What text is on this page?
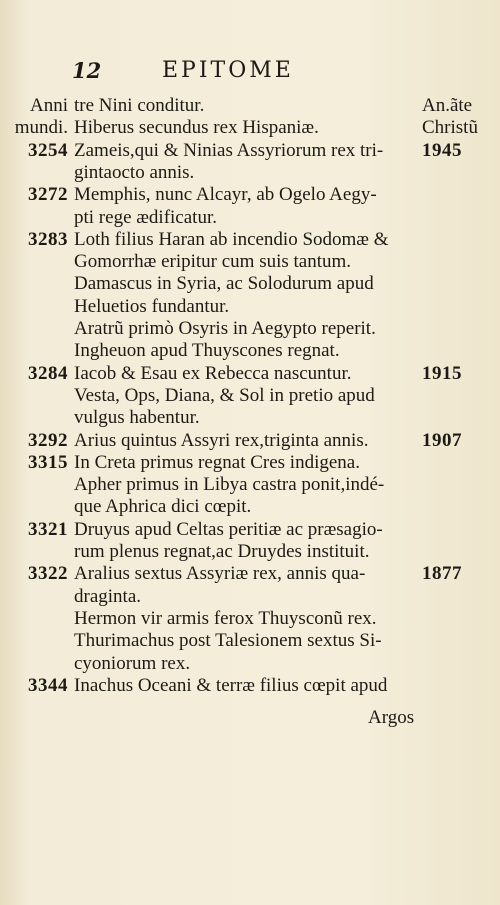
12	EPITOME
Anni tre Nini conditur.	An.ãte
mundi. Hiberus secundus rex Hispaniæ.	Christũ
3254 Zameis,qui & Ninias Assyriorum rex tri‑ 1945
gintaocto annis.
3272 Memphis, nunc Alcayr, ab Ogelo Aegy‑
pti rege ædificatur.
3283 Loth filius Haran ab incendio Sodomæ &
Gomorrhæ eripitur cum suis tantum.
Damascus in Syria, ac Solodurum apud
Heluetios fundantur.
Aratrũ primò Osyris in Aegypto reperit.
Ingheuon apud Thuyscones regnat.
3284 Iacob & Esau ex Rebecca nascuntur.	1915
Vesta, Ops, Diana, & Sol in pretio apud
vulgus habentur.
3292 Arius quintus Assyri rex,triginta annis.	1907
3315 In Creta primus regnat Cres indigena.
Apher primus in Libya castra ponit,indé‑
que Aphrica dici cœpit.
3321 Druyus apud Celtas peritiæ ac præsagio‑
rum plenus regnat,ac Druydes instituit.
3322 Aralius sextus Assyriæ rex, annis qua‑	1877
draginta.
Hermon vir armis ferox Thuysconũ rex.
Thurimachus post Talesionem sextus Si‑
cyoniorum rex.
3344 Inachus Oceani & terræ filius cœpit apud
Argos
